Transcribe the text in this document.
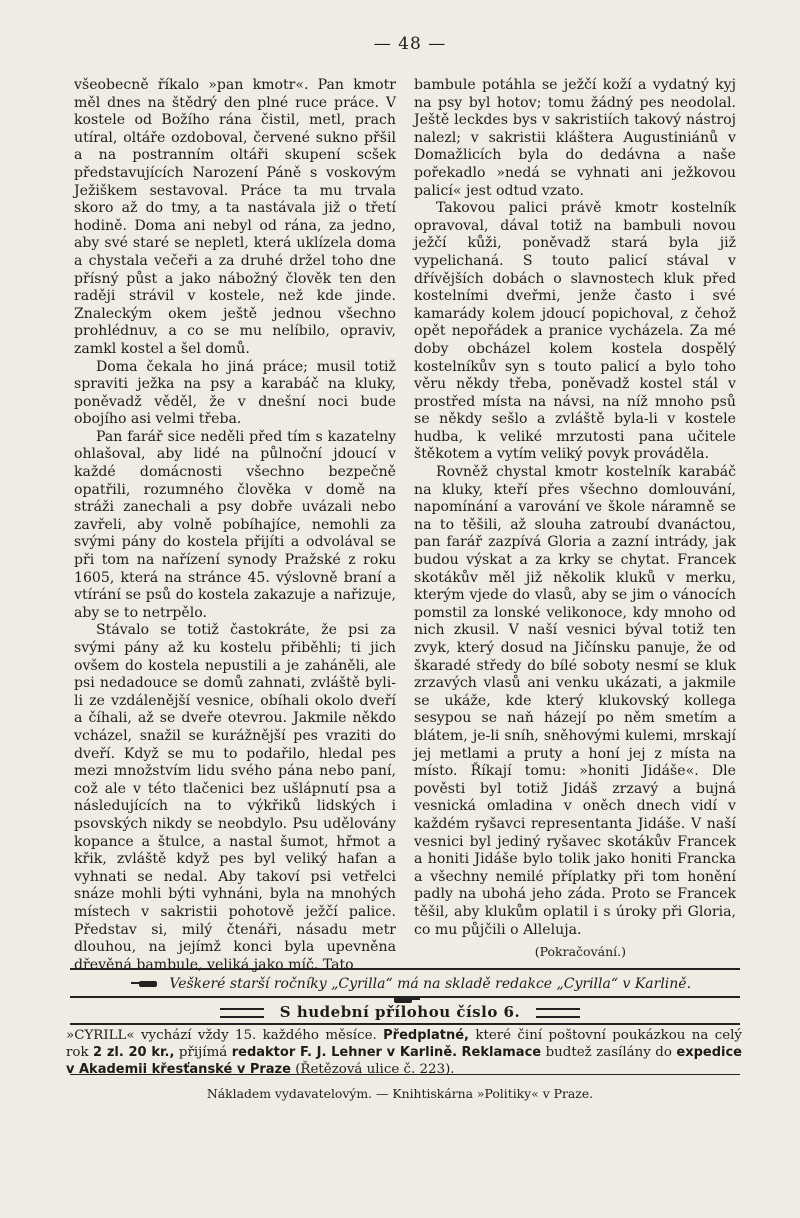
— 48 —

všeobecně říkalo »pan kmotr«. Pan kmotr měl dnes na štědrý den plné ruce práce. V kostele od Božího rána čistil, metl, prach utíral, oltáře ozdoboval, červené sukno přšil a na postranním oltáři skupení scšek představujících Narození Páně s voskovým Ježiškem sestavoval. Práce ta mu trvala skoro až do tmy, a ta nastávala již o třetí hodině. Doma ani nebyl od rána, za jedno, aby své staré se nepletl, která uklízela doma a chystala večeři a za druhé držel toho dne přísný půst a jako nábožný člověk ten den raději strávil v kostele, než kde jinde. Znaleckým okem ještě jednou všechno prohlédnuv, a co se mu nelíbilo, opraviv, zamkl kostel a šel domů.

Doma čekala ho jiná práce; musil totiž spraviti ježka na psy a karabáč na kluky, poněvadž věděl, že v dnešní noci bude obojího asi velmi třeba.

Pan farář sice neděli před tím s kazatelny ohlašoval, aby lidé na půlnoční jdoucí v každé domácnosti všechno bezpečně opatřili, rozumného člověka v domě na stráži zanechali a psy dobře uvázali nebo zavřeli, aby volně pobíhajíce, nemohli za svými pány do kostela přijíti a odvolával se při tom na nařízení synody Pražské z roku 1605, která na stránce 45. výslovně braní a vtírání se psů do kostela zakazuje a nařizuje, aby se to netrpělo.

Stávalo se totiž častokráte, že psi za svými pány až ku kostelu přiběhli; ti jich ovšem do kostela nepustili a je zaháněli, ale psi nedadouce se domů zahnati, zvláště byli-li ze vzdálenější vesnice, obíhali okolo dveří a číhali, až se dveře otevrou. Jakmile někdo vcházel, snažil se kurážnější pes vraziti do dveří. Když se mu to podařilo, hledal pes mezi množstvím lidu svého pána nebo paní, což ale v této tlačenici bez ušlápnutí psa a následujících na to výkřiků lidských i psovských nikdy se neobdylo. Psu udělovány kopance a štulce, a nastal šumot, hřmot a křik, zvláště když pes byl veliký hafan a vyhnati se nedal. Aby takoví psi vetřelci snáze mohli býti vyhnáni, byla na mnohých místech v sakristii pohotově ježčí palice. Představ si, milý čtenáři, násadu metr dlouhou, na jejímž konci byla upevněna dřevěná bambule, veliká jako míč. Tato

bambule potáhla se ježčí koží a vydatný kyj na psy byl hotov; tomu žádný pes neodolal. Ještě leckdes bys v sakristiích takový nástroj nalezl; v sakristii kláštera Augustiniánů v Domažlicích byla do dedávna a naše pořekadlo »nedá se vyhnati ani ježkovou palicí« jest odtud vzato.

Takovou palici právě kmotr kostelník opravoval, dával totiž na bambuli novou ježčí kůži, poněvadž stará byla již vypelichaná. S touto palicí stával v dřívějších dobách o slavnostech kluk před kostelními dveřmi, jenže často i své kamarády kolem jdoucí popichoval, z čehož opět nepořádek a pranice vycházela. Za mé doby obcházel kolem kostela dospělý kostelníkův syn s touto palicí a bylo toho věru někdy třeba, poněvadž kostel stál v prostřed místa na návsi, na níž mnoho psů se někdy sešlo a zvláště byla-li v kostele hudba, k veliké mrzutosti pana učitele štěkotem a vytím veliký povyk prováděla.

Rovněž chystal kmotr kostelník karabáč na kluky, kteří přes všechno domlouvání, napomínání a varování ve škole náramně se na to těšili, až slouha zatroubí dvanáctou, pan farář zazpívá Gloria a zazní intrády, jak budou výskat a za krky se chytat. Francek skotákův měl již několik kluků v merku, kterým vjede do vlasů, aby se jim o vánocích pomstil za lonské velikonoce, kdy mnoho od nich zkusil. V naší vesnici býval totiž ten zvyk, který dosud na Jičínsku panuje, že od škaradé středy do bílé soboty nesmí se kluk zrzavých vlasů ani venku ukázati, a jakmile se ukáže, kde který klukovský kollega sesypou se naň házejí po něm smetím a blátem, je-li sníh, sněhovými kulemi, mrskají jej metlami a pruty a honí jej z místa na místo. Říkají tomu: »honiti Jidáše«. Dle pověsti byl totiž Jidáš zrzavý a bujná vesnická omladina v oněch dnech vidí v každém ryšavci representanta Jidáše. V naší vesnici byl jediný ryšavec skotákův Francek a honiti Jidáše bylo tolik jako honiti Francka a všechny nemilé příplatky při tom honění padly na ubohá jeho záda. Proto se Francek těšil, aby klukům oplatil i s úroky při Gloria, co mu půjčili o Alleluja.

(Pokračování.)
Veškeré starší ročníky „Cyrilla“ má na skladě redakce „Cyrilla“ v Karlině.
S hudební přílohou číslo 6.
»CYRILL« vychází vždy 15. každého měsíce. Předplatné, které činí poštovní poukázkou na celý rok 2 zl. 20 kr., přijímá redaktor F. J. Lehner v Karlině. Reklamace budtež zasílány do expedice v Akademii křesťanské v Praze (Řetězová ulice č. 223).
Nákladem vydavatelovým. — Knihtiskárna »Politiky« v Praze.
